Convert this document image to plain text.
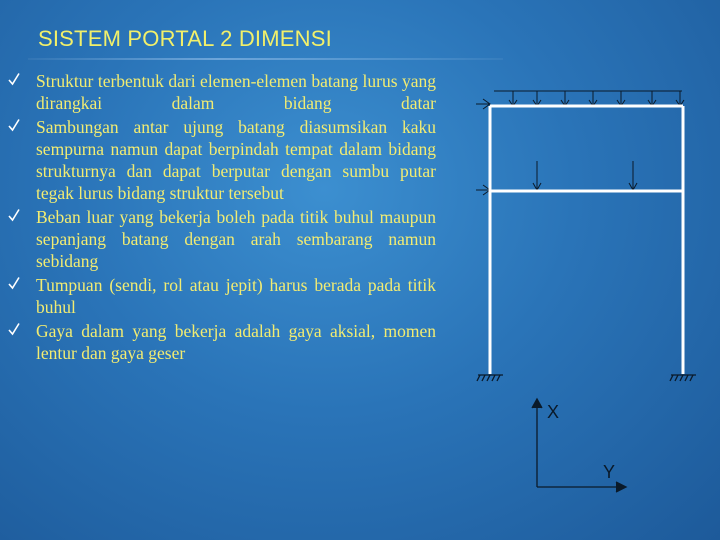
SISTEM PORTAL 2 DIMENSI
Struktur terbentuk dari elemen-elemen batang lurus yang dirangkai dalam bidang datar
Sambungan antar ujung batang diasumsikan kaku sempurna namun dapat berpindah tempat dalam bidang strukturnya dan dapat berputar dengan sumbu putar tegak lurus bidang struktur tersebut
Beban luar yang bekerja boleh pada titik buhul maupun sepanjang batang dengan arah sembarang namun sebidang
Tumpuan (sendi, rol atau jepit) harus berada pada titik buhul
Gaya dalam yang bekerja adalah gaya aksial, momen lentur dan gaya geser
X
Y
